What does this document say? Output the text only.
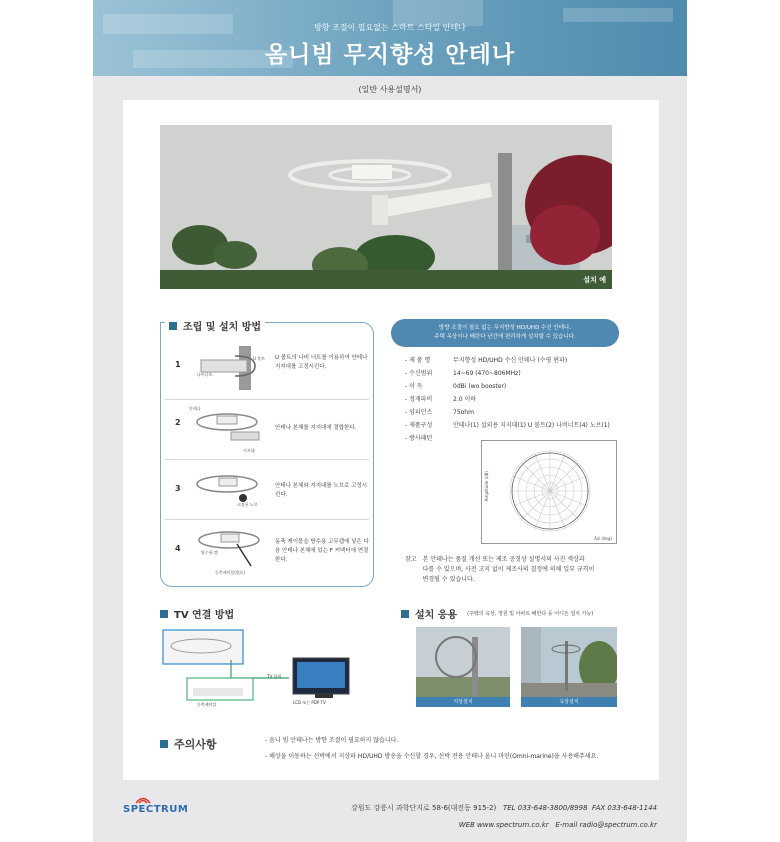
방향 조절이 필요없는 스마트 스타일 안테나
옴니빔 무지향성 안테나
(일반 사용설명서)
설치 예
조립 및 설치 방법
1
U 볼트
나비너트
U 볼트의 나비 너트를 이용하여 안테나 지지대를 고정시킨다.
2
안테나
지지대
안테나 본체를 지지대에 결합한다.
3
고정용 노브
안테나 본체와 지지대를 노브로 고정시킨다.
4	방수용 캡
동축케이블(별도)
동축 케이블을 방수용 고무캡에 넣은 다음 안테나 본체에 있는 F 커넥터에 연결한다.
방향 조절이 필요 없는 무지향성 HD/UHD 수신 안테나.
주택 옥상이나 베란다 난간에 편리하게 설치할 수 있습니다.
- 제 품 명	무지향성 HD/UHD 수신 안테나 (수평 편파)
- 수신범위	14~69 (470~806MHz)
- 이 득	0dBi (wo booster)
- 정재파비	2.0 이하
- 임피던스	75ohm
- 제품구성	안테나(1) 설외용 지지대(1) U 볼트(2) 나비너트(4) 노브(1)
- 방사패턴
Amplitude (dB)
Azi (deg)
참고 본 안테나는 품질 개선 또는 제조 공정상 설명서의 사진 색상과
다를 수 있으며, 사전 고지 없이 제조사의 결정에 의해 일부 규격이
변경될 수 있습니다.
TV 연결 방법
TV 입력
LCD 또는 PDP TV
동축케이블
설치 응용 (주택의 옥상, 정원 및 아파트 베란다 등 어디든 설치 가능)
지상설치	옥상설치
주의사항	- 옴니 빔 안테나는 방향 조절이 필요하지 않습니다.
- 해상을 이동하는 선박에서 지상파 HD/UHD 방송을 수신할 경우, 선박 전용 안테나 옴니 마린(Omni-marine)을 사용해주세요.
SPECTRUM	강원도 강릉시 과학단지로 58-6(대전동 915-2) TEL 033-648-3800/8998 FAX 033-648-1144
WEB www.spectrum.co.kr E-mail radio@spectrum.co.kr
